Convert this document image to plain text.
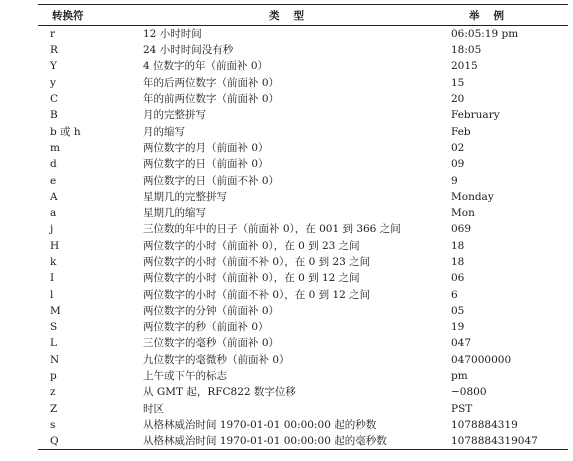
转换符	类型	举例
r	12 小时时间	06:05:19 pm
R	24 小时时间没有秒	18:05
Y	4 位数字的年（前面补 0）	2015
y	年的后两位数字（前面补 0）	15
C	年的前两位数字（前面补 0）	20
B	月的完整拼写	February
b 或 h	月的缩写	Feb
m	两位数字的月（前面补 0）	02
d	两位数字的日（前面补 0）	09
e	两位数字的日（前面不补 0）	9
A	星期几的完整拼写	Monday
a	星期几的缩写	Mon
j	三位数的年中的日子（前面补 0），在 001 到 366 之间	069
H	两位数字的小时（前面补 0），在 0 到 23 之间	18
k	两位数字的小时（前面不补 0），在 0 到 23 之间	18
I	两位数字的小时（前面补 0），在 0 到 12 之间	06
l	两位数字的小时（前面不补 0），在 0 到 12 之间	6
M	两位数字的分钟（前面补 0）	05
S	两位数字的秒（前面补 0）	19
L	三位数字的毫秒（前面补 0）	047
N	九位数字的毫微秒（前面补 0）	047000000
p	上午或下午的标志	pm
z	从 GMT 起，RFC822 数字位移	−0800
Z	时区	PST
s	从格林威治时间 1970-01-01 00:00:00 起的秒数	1078884319
Q	从格林威治时间 1970-01-01 00:00:00 起的毫秒数	1078884319047
